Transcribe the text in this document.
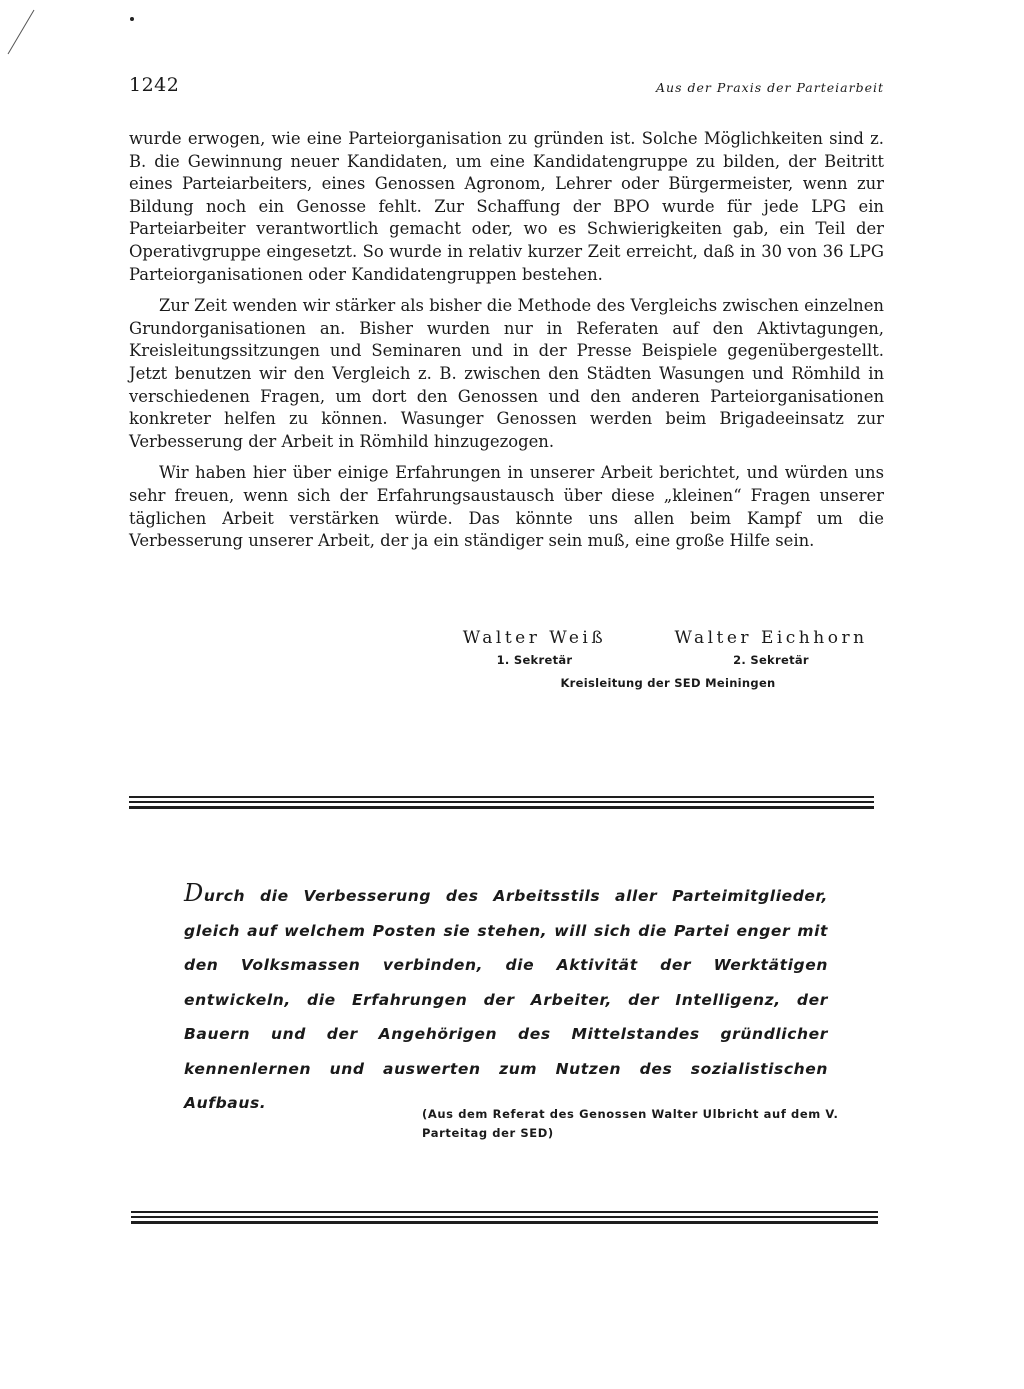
1242	Aus der Praxis der Parteiarbeit

wurde erwogen, wie eine Parteiorganisation zu gründen ist. Solche Möglichkeiten sind z. B. die Gewinnung neuer Kandidaten, um eine Kandidatengruppe zu bilden, der Beitritt eines Parteiarbeiters, eines Genossen Agronom, Lehrer oder Bürgermeister, wenn zur Bildung noch ein Genosse fehlt. Zur Schaffung der BPO wurde für jede LPG ein Parteiarbeiter verantwortlich gemacht oder, wo es Schwierigkeiten gab, ein Teil der Operativgruppe eingesetzt. So wurde in relativ kurzer Zeit erreicht, daß in 30 von 36 LPG Parteiorganisationen oder Kandidatengruppen bestehen.

Zur Zeit wenden wir stärker als bisher die Methode des Vergleichs zwischen einzelnen Grundorganisationen an. Bisher wurden nur in Referaten auf den Aktivtagungen, Kreisleitungssitzungen und Seminaren und in der Presse Beispiele gegenübergestellt. Jetzt benutzen wir den Vergleich z. B. zwischen den Städten Wasungen und Römhild in verschiedenen Fragen, um dort den Genossen und den anderen Parteiorganisationen konkreter helfen zu können. Wasunger Genossen werden beim Brigadeeinsatz zur Verbesserung der Arbeit in Römhild hinzugezogen.

Wir haben hier über einige Erfahrungen in unserer Arbeit berichtet, und würden uns sehr freuen, wenn sich der Erfahrungsaustausch über diese „kleinen“ Fragen unserer täglichen Arbeit verstärken würde. Das könnte uns allen beim Kampf um die Verbesserung unserer Arbeit, der ja ein ständiger sein muß, eine große Hilfe sein.

Walter Weiß
1. Sekretär
Walter Eichhorn
2. Sekretär
Kreisleitung der SED Meiningen
Durch die Verbesserung des Arbeitsstils aller Parteimitglieder, gleich auf welchem Posten sie stehen, will sich die Partei enger mit den Volksmassen verbinden, die Aktivität der Werktätigen entwickeln, die Erfahrungen der Arbeiter, der Intelligenz, der Bauern und der Angehörigen des Mittelstandes gründlicher kennenlernen und auswerten zum Nutzen des sozialistischen Aufbaus.
(Aus dem Referat des Genossen Walter Ulbricht auf dem V. Parteitag der SED)
